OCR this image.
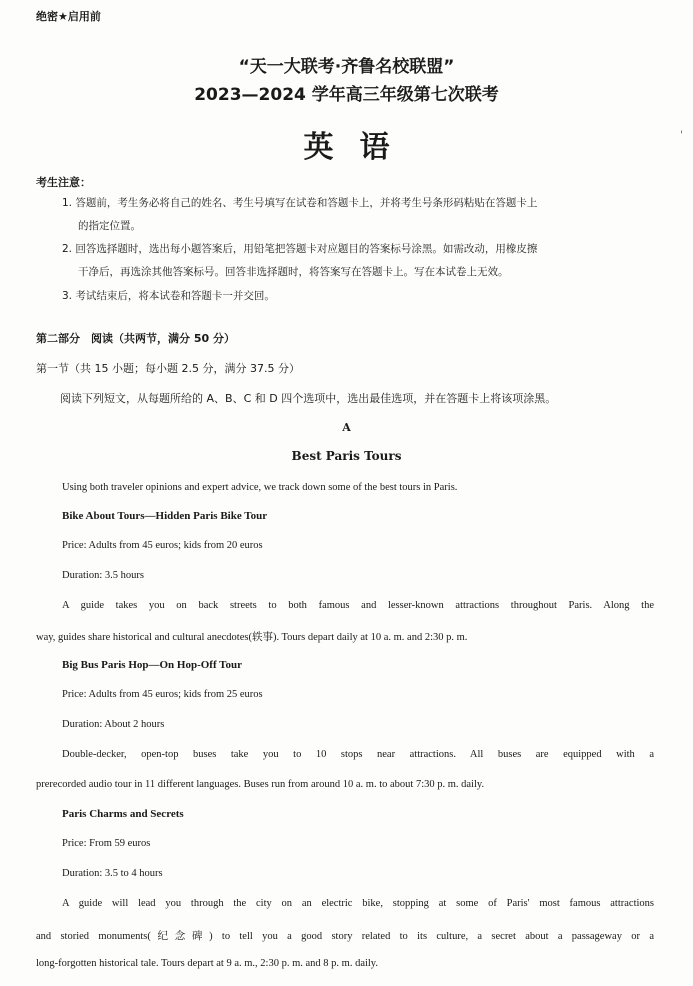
绝密★启用前
“天一大联考·齐鲁名校联盟”
2023—2024 学年高三年级第七次联考
英语	'
考生注意：
1. 答题前，考生务必将自己的姓名、考生号填写在试卷和答题卡上，并将考生号条形码粘贴在答题卡上
的指定位置。
2. 回答选择题时，选出每小题答案后，用铅笔把答题卡对应题目的答案标号涂黑。如需改动，用橡皮擦
干净后，再选涂其他答案标号。回答非选择题时，将答案写在答题卡上。写在本试卷上无效。
3. 考试结束后，将本试卷和答题卡一并交回。
第二部分　阅读（共两节，满分 50 分）
第一节（共 15 小题；每小题 2.5 分，满分 37.5 分）
阅读下列短文，从每题所给的 A、B、C 和 D 四个选项中，选出最佳选项，并在答题卡上将该项涂黑。
A
Best Paris Tours
Using both traveler opinions and expert advice, we track down some of the best tours in Paris.
Bike About Tours—Hidden Paris Bike Tour
Price: Adults from 45 euros; kids from 20 euros
Duration: 3.5 hours
A guide takes you on back streets to both famous and lesser-known attractions throughout Paris. Along the
way, guides share historical and cultural anecdotes(轶事). Tours depart daily at 10 a. m. and 2:30 p. m.
Big Bus Paris Hop—On Hop-Off Tour
Price: Adults from 45 euros; kids from 25 euros
Duration: About 2 hours
Double-decker, open-top buses take you to 10 stops near attractions. All buses are equipped with a
prerecorded audio tour in 11 different languages. Buses run from around 10 a. m. to about 7:30 p. m. daily.
Paris Charms and Secrets
Price: From 59 euros
Duration: 3.5 to 4 hours
A guide will lead you through the city on an electric bike, stopping at some of Paris' most famous attractions
and storied monuments(纪念碑) to tell you a good story related to its culture, a secret about a passageway or a
long-forgotten historical tale. Tours depart at 9 a. m., 2:30 p. m. and 8 p. m. daily.
